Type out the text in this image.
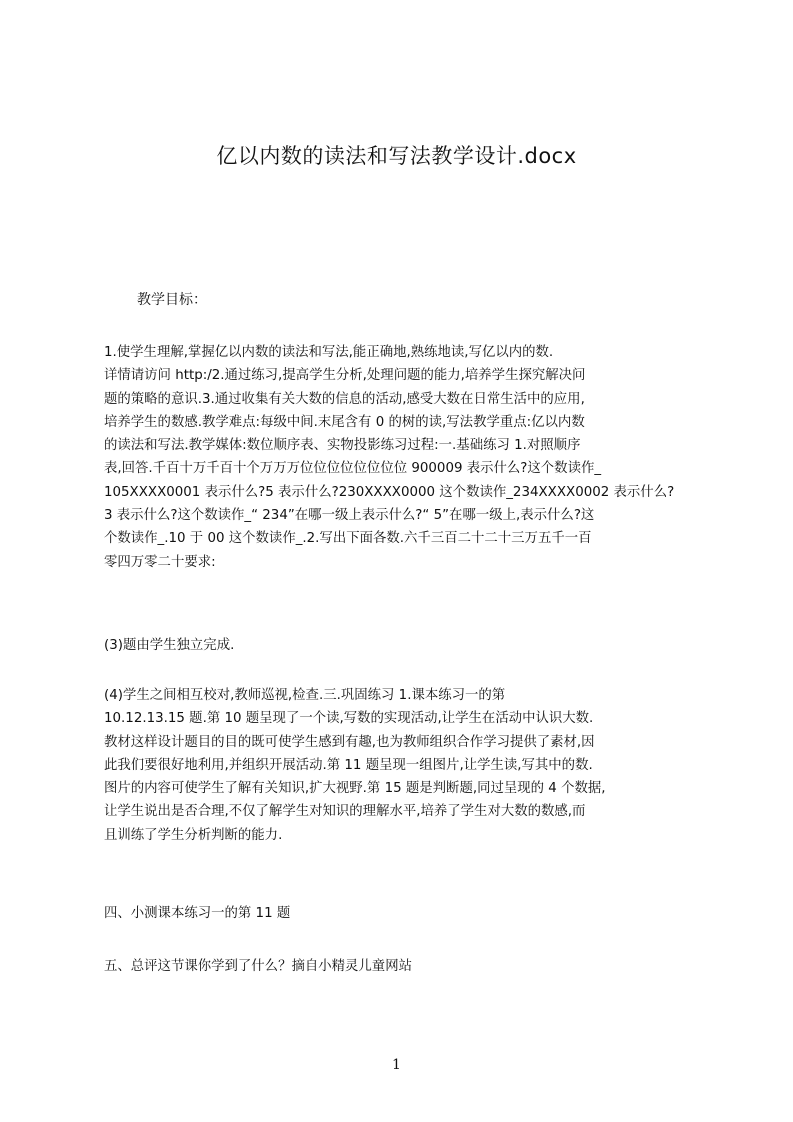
亿以内数的读法和写法教学设计.docx
教学目标：
1.使学生理解,掌握亿以内数的读法和写法,能正确地,熟练地读,写亿以内的数.
详情请访问 http:/2.通过练习,提高学生分析,处理问题的能力,培养学生探究解决问
题的策略的意识.3.通过收集有关大数的信息的活动,感受大数在日常生活中的应用,
培养学生的数感.教学难点:每级中间.末尾含有 0 的树的读,写法教学重点:亿以内数
的读法和写法.教学媒体:数位顺序表、实物投影练习过程:一.基础练习 1.对照顺序
表,回答.千百十万千百十个万万万位位位位位位位位 900009 表示什么?这个数读作_
105XXXX0001 表示什么?5 表示什么?230XXXX0000 这个数读作_234XXXX0002 表示什么?
3 表示什么?这个数读作_“ 234”在哪一级上表示什么?“ 5”在哪一级上,表示什么?这
个数读作_.10 于 00 这个数读作_.2.写出下面各数.六千三百二十二十三万五千一百
零四万零二十要求:
(3)题由学生独立完成.
(4)学生之间相互校对,教师巡视,检查.三.巩固练习 1.课本练习一的第
10.12.13.15 题.第 10 题呈现了一个读,写数的实现活动,让学生在活动中认识大数.
教材这样设计题目的目的既可使学生感到有趣,也为教师组织合作学习提供了素材,因
此我们要很好地利用,并组织开展活动.第 11 题呈现一组图片,让学生读,写其中的数.
图片的内容可使学生了解有关知识,扩大视野.第 15 题是判断题,同过呈现的 4 个数据,
让学生说出是否合理,不仅了解学生对知识的理解水平,培养了学生对大数的数感,而
且训练了学生分析判断的能力.
四、小测课本练习一的第 11 题
五、总评这节课你学到了什么？摘自小精灵儿童网站
1
